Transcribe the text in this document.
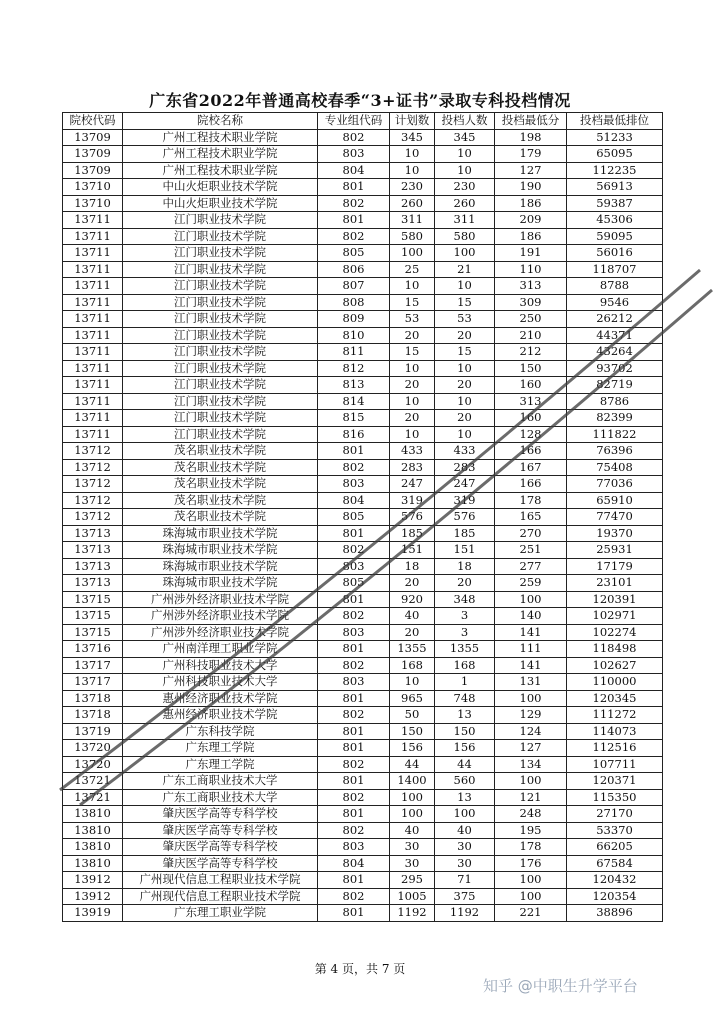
广东省2022年普通高校春季“3+证书”录取专科投档情况
院校代码	院校名称	专业组代码	计划数	投档人数	投档最低分	投档最低排位
13709	广州工程技术职业学院	802	345	345	198	51233
13709	广州工程技术职业学院	803	10	10	179	65095
13709	广州工程技术职业学院	804	10	10	127	112235
13710	中山火炬职业技术学院	801	230	230	190	56913
13710	中山火炬职业技术学院	802	260	260	186	59387
13711	江门职业技术学院	801	311	311	209	45306
13711	江门职业技术学院	802	580	580	186	59095
13711	江门职业技术学院	805	100	100	191	56016
13711	江门职业技术学院	806	25	21	110	118707
13711	江门职业技术学院	807	10	10	313	8788
13711	江门职业技术学院	808	15	15	309	9546
13711	江门职业技术学院	809	53	53	250	26212
13711	江门职业技术学院	810	20	20	210	44371
13711	江门职业技术学院	811	15	15	212	43264
13711	江门职业技术学院	812	10	10	150	93702
13711	江门职业技术学院	813	20	20	160	82719
13711	江门职业技术学院	814	10	10	313	8786
13711	江门职业技术学院	815	20	20	160	82399
13711	江门职业技术学院	816	10	10	128	111822
13712	茂名职业技术学院	801	433	433	166	76396
13712	茂名职业技术学院	802	283	283	167	75408
13712	茂名职业技术学院	803	247	247	166	77036
13712	茂名职业技术学院	804	319	319	178	65910
13712	茂名职业技术学院	805	576	576	165	77470
13713	珠海城市职业技术学院	801	185	185	270	19370
13713	珠海城市职业技术学院	802	151	151	251	25931
13713	珠海城市职业技术学院	803	18	18	277	17179
13713	珠海城市职业技术学院	805	20	20	259	23101
13715	广州涉外经济职业技术学院	801	920	348	100	120391
13715	广州涉外经济职业技术学院	802	40	3	140	102971
13715	广州涉外经济职业技术学院	803	20	3	141	102274
13716	广州南洋理工职业学院	801	1355	1355	111	118498
13717	广州科技职业技术大学	802	168	168	141	102627
13717	广州科技职业技术大学	803	10	1	131	110000
13718	惠州经济职业技术学院	801	965	748	100	120345
13718	惠州经济职业技术学院	802	50	13	129	111272
13719	广东科技学院	801	150	150	124	114073
13720	广东理工学院	801	156	156	127	112516
13720	广东理工学院	802	44	44	134	107711
13721	广东工商职业技术大学	801	1400	560	100	120371
13721	广东工商职业技术大学	802	100	13	121	115350
13810	肇庆医学高等专科学校	801	100	100	248	27170
13810	肇庆医学高等专科学校	802	40	40	195	53370
13810	肇庆医学高等专科学校	803	30	30	178	66205
13810	肇庆医学高等专科学校	804	30	30	176	67584
13912	广州现代信息工程职业技术学院	801	295	71	100	120432
13912	广州现代信息工程职业技术学院	802	1005	375	100	120354
13919	广东理工职业学院	801	1192	1192	221	38896
第 4 页，共 7 页
知乎 @中职生升学平台
